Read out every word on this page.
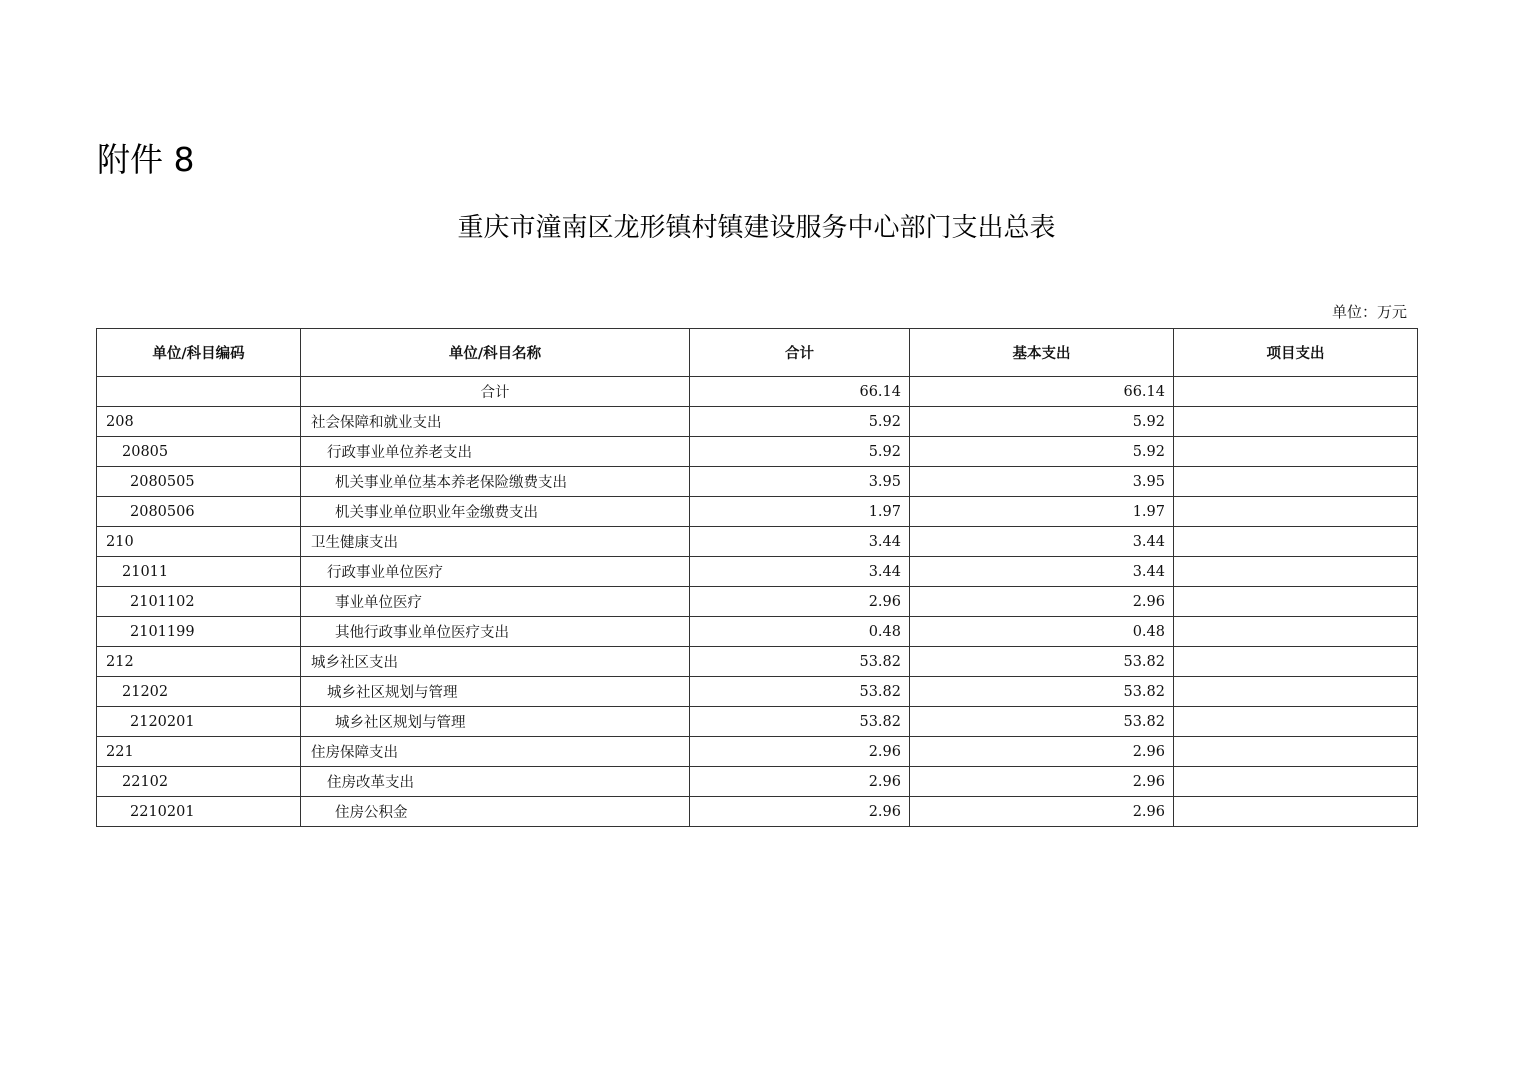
附件 8
重庆市潼南区龙形镇村镇建设服务中心部门支出总表
单位：万元
单位/科目编码	单位/科目名称	合计	基本支出	项目支出
	合计	66.14	66.14	
208	社会保障和就业支出	5.92	5.92	
20805	行政事业单位养老支出	5.92	5.92	
2080505	机关事业单位基本养老保险缴费支出	3.95	3.95	
2080506	机关事业单位职业年金缴费支出	1.97	1.97	
210	卫生健康支出	3.44	3.44	
21011	行政事业单位医疗	3.44	3.44	
2101102	事业单位医疗	2.96	2.96	
2101199	其他行政事业单位医疗支出	0.48	0.48	
212	城乡社区支出	53.82	53.82	
21202	城乡社区规划与管理	53.82	53.82	
2120201	城乡社区规划与管理	53.82	53.82	
221	住房保障支出	2.96	2.96	
22102	住房改革支出	2.96	2.96	
2210201	住房公积金	2.96	2.96	
